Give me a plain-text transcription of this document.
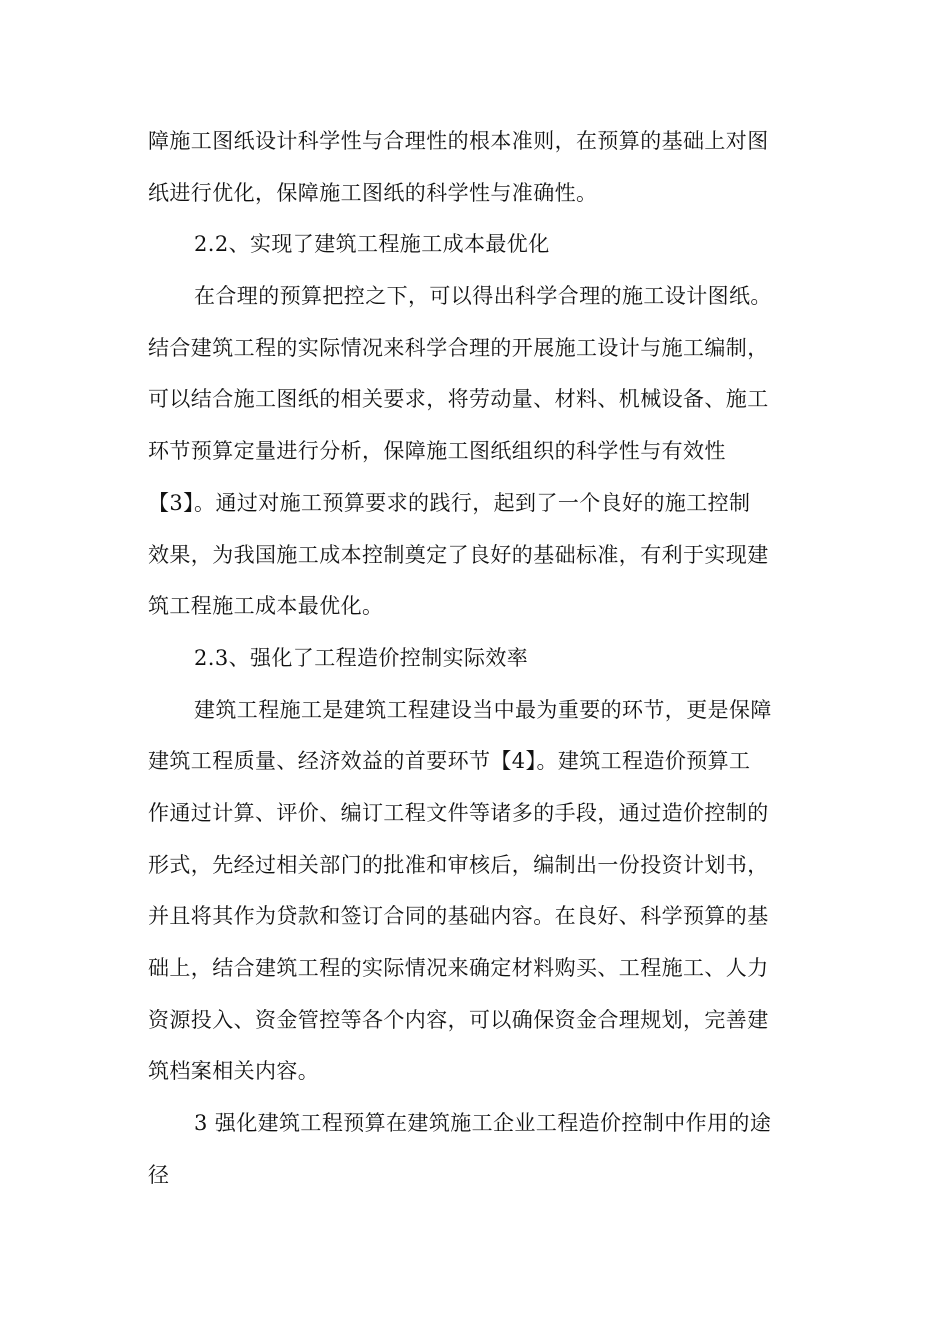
障施工图纸设计科学性与合理性的根本准则，在预算的基础上对图
纸进行优化，保障施工图纸的科学性与准确性。
2.2、实现了建筑工程施工成本最优化
在合理的预算把控之下，可以得出科学合理的施工设计图纸。
结合建筑工程的实际情况来科学合理的开展施工设计与施工编制，
可以结合施工图纸的相关要求，将劳动量、材料、机械设备、施工
环节预算定量进行分析，保障施工图纸组织的科学性与有效性
【3】。通过对施工预算要求的践行，起到了一个良好的施工控制
效果，为我国施工成本控制奠定了良好的基础标准，有利于实现建
筑工程施工成本最优化。
2.3、强化了工程造价控制实际效率
建筑工程施工是建筑工程建设当中最为重要的环节，更是保障
建筑工程质量、经济效益的首要环节【4】。建筑工程造价预算工
作通过计算、评价、编订工程文件等诸多的手段，通过造价控制的
形式，先经过相关部门的批准和审核后，编制出一份投资计划书，
并且将其作为贷款和签订合同的基础内容。在良好、科学预算的基
础上，结合建筑工程的实际情况来确定材料购买、工程施工、人力
资源投入、资金管控等各个内容，可以确保资金合理规划，完善建
筑档案相关内容。
3 强化建筑工程预算在建筑施工企业工程造价控制中作用的途
径
